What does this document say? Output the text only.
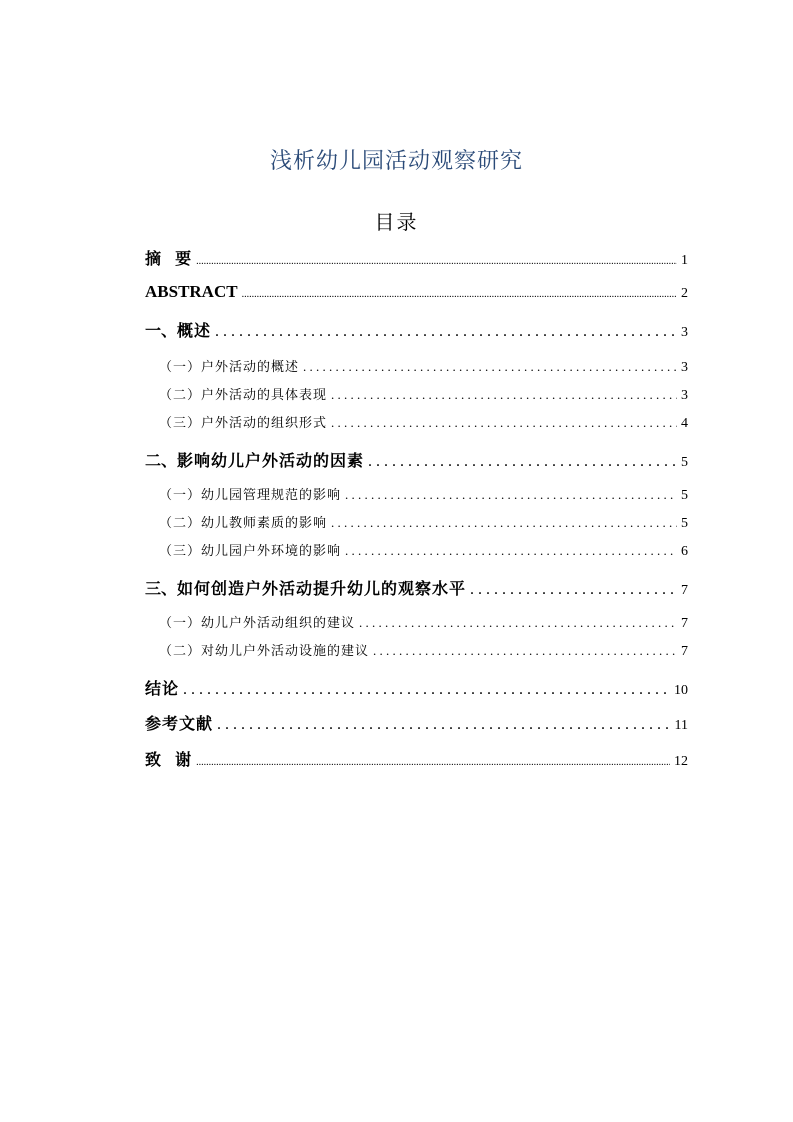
浅析幼儿园活动观察研究
目录
摘  要 .....	1
ABSTRACT .....	2
一、 概述 . . .	3
（一）户外活动的概述 . . .	3
（二）户外活动的具体表现 . . .	3
（三）户外活动的组织形式 . . .	4
二、 影响幼儿户外活动的因素 . . .	5
（一）幼儿园管理规范的影响 . . .	5
（二）幼儿教师素质的影响 . . .	5
（三）幼儿园户外环境的影响 . . .	6
三、 如何创造户外活动提升幼儿的观察水平 . . .	7
（一）幼儿户外活动组织的建议 . . .	7
（二）对幼儿户外活动设施的建议 . . .	7
结论 . . .	10
参考文献 . . .	11
致  谢 .....	12
